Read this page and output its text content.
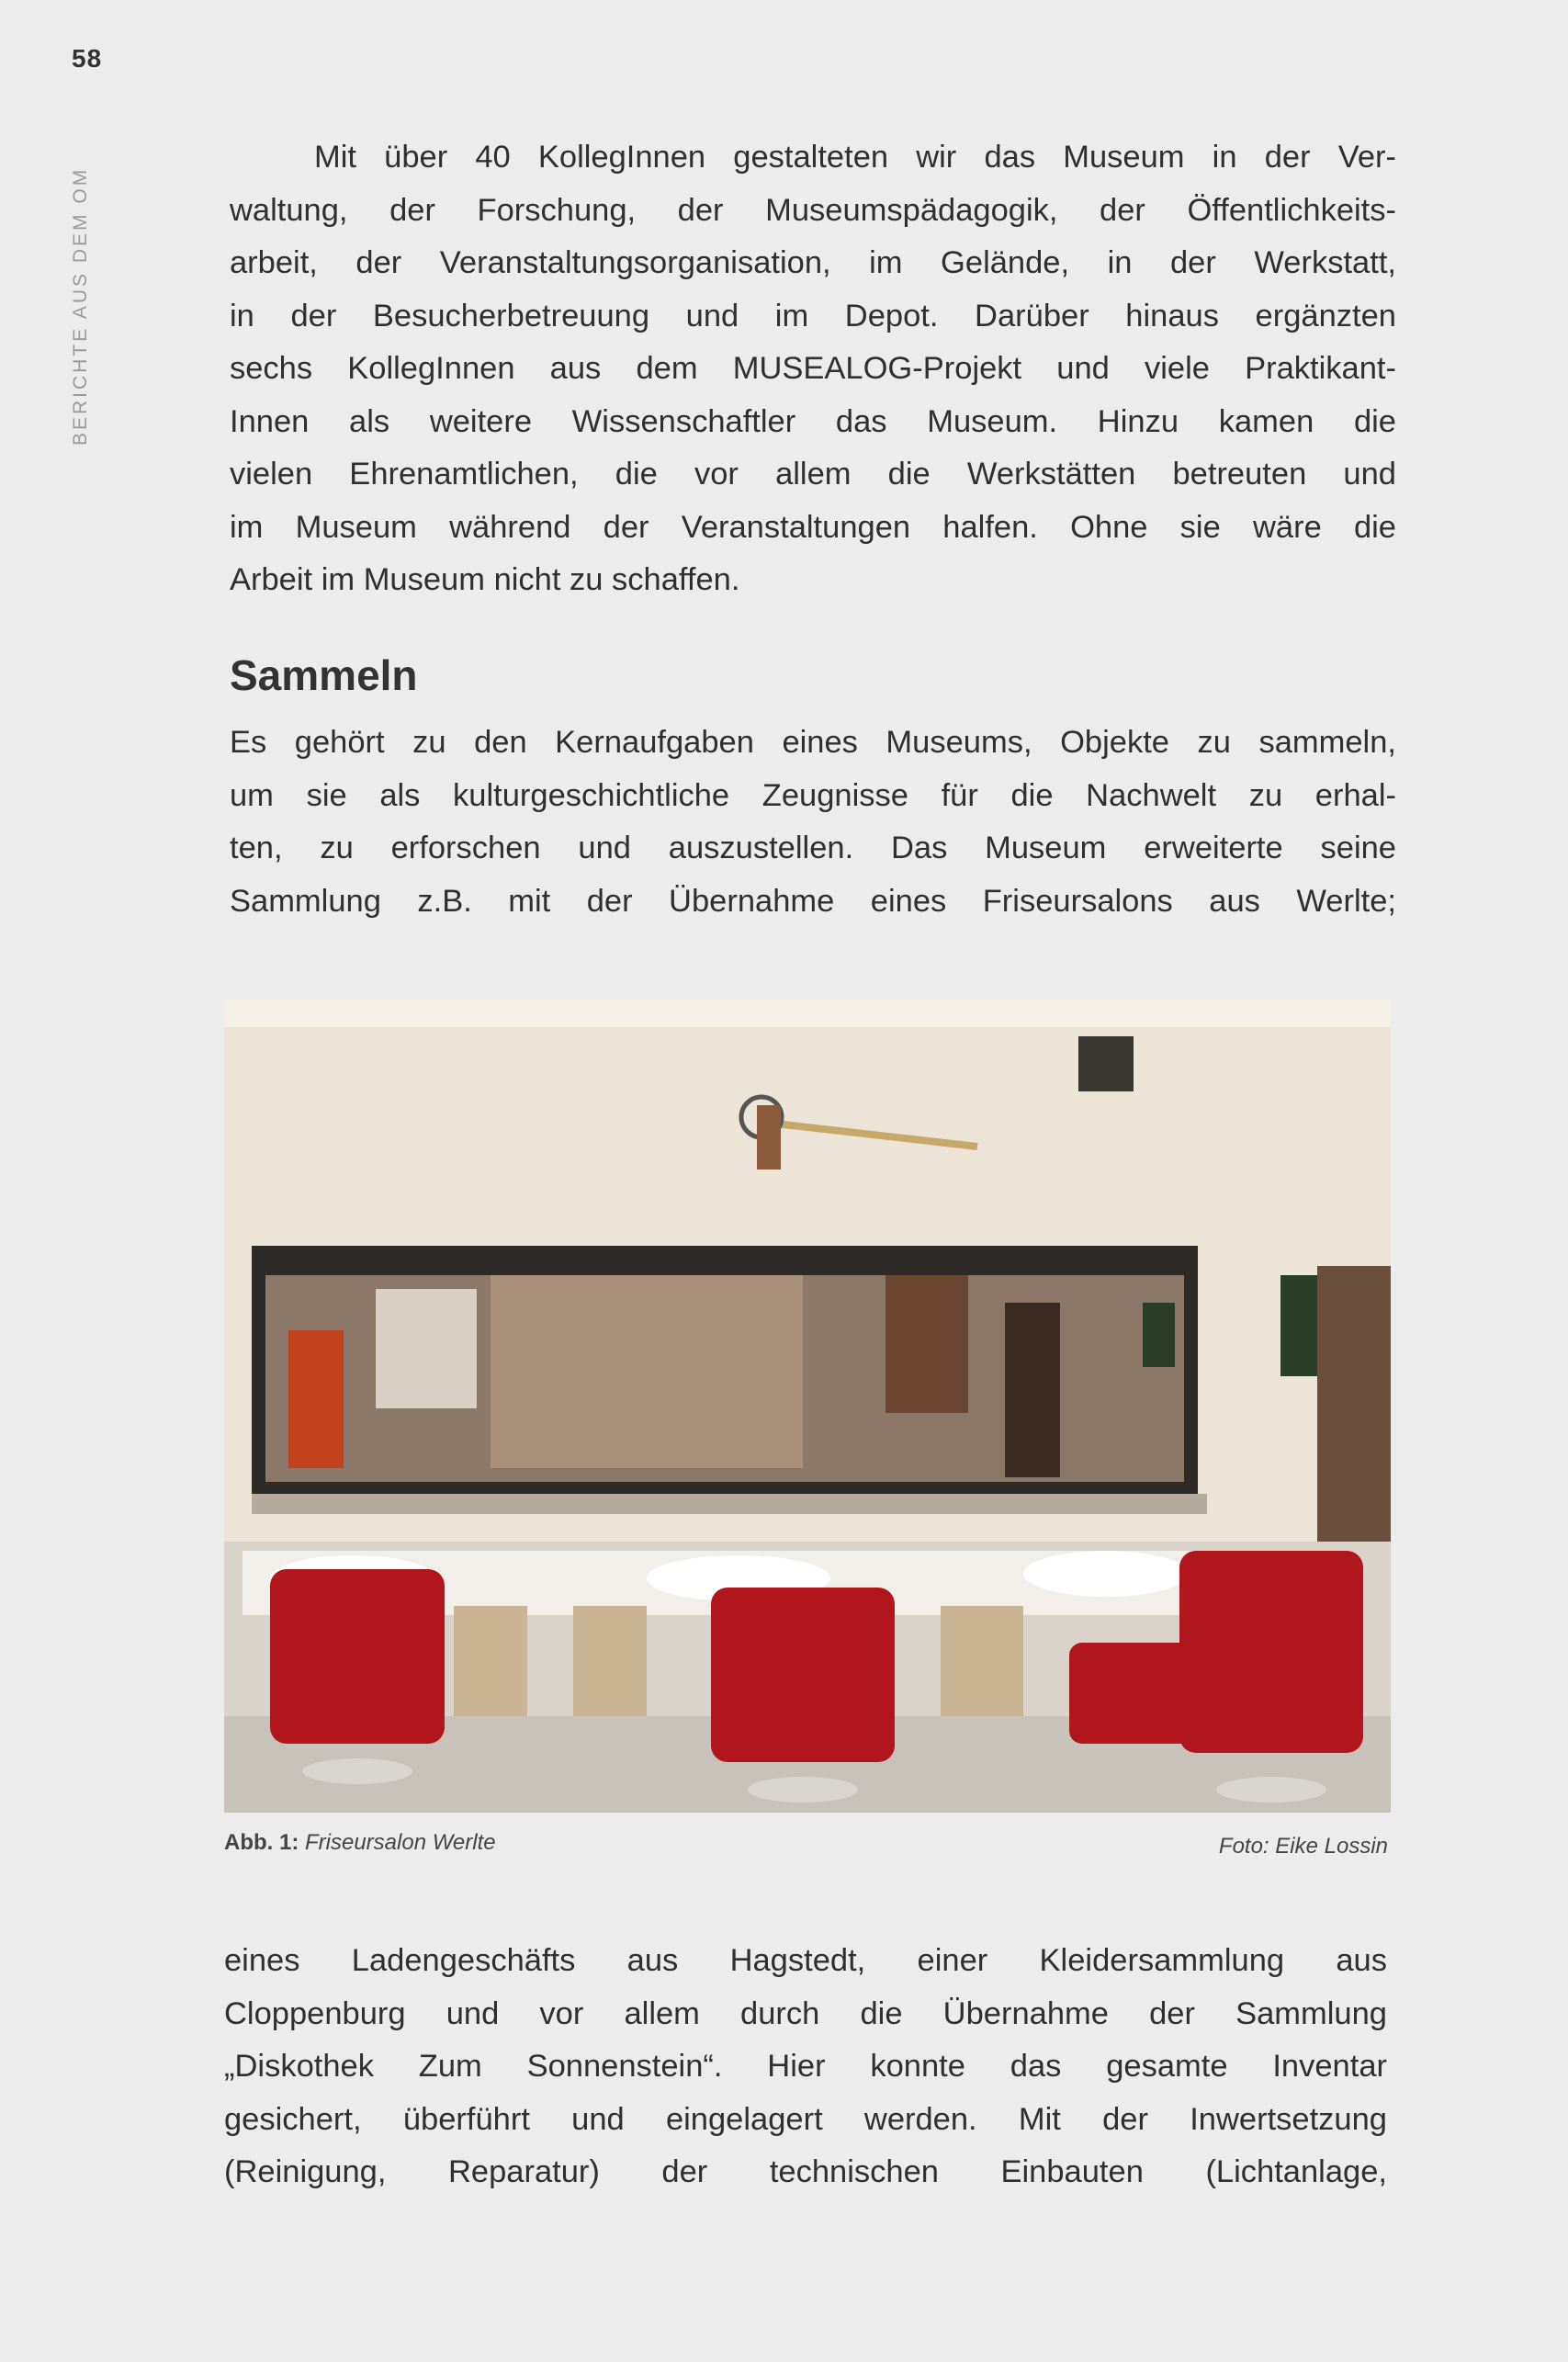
58
BERICHTE AUS DEM OM

Mit über 40 KollegInnen gestalteten wir das Museum in der Ver-
waltung, der Forschung, der Museumspädagogik, der Öffentlichkeits-
arbeit, der Veranstaltungsorganisation, im Gelände, in der Werkstatt,
in der Besucherbetreuung und im Depot. Darüber hinaus ergänzten
sechs KollegInnen aus dem MUSEALOG-Projekt und viele Praktikant-
Innen als weitere Wissenschaftler das Museum. Hinzu kamen die
vielen Ehrenamtlichen, die vor allem die Werkstätten betreuten und
im Museum während der Veranstaltungen halfen. Ohne sie wäre die
Arbeit im Museum nicht zu schaffen.

Sammeln

Es gehört zu den Kernaufgaben eines Museums, Objekte zu sammeln,
um sie als kulturgeschichtliche Zeugnisse für die Nachwelt zu erhal-
ten, zu erforschen und auszustellen. Das Museum erweiterte seine
Sammlung z.B. mit der Übernahme eines Friseursalons aus Werlte;

Abb. 1: Friseursalon Werlte	Foto: Eike Lossin

eines Ladengeschäfts aus Hagstedt, einer Kleidersammlung aus
Cloppenburg und vor allem durch die Übernahme der Sammlung
„Diskothek Zum Sonnenstein“. Hier konnte das gesamte Inventar
gesichert, überführt und eingelagert werden. Mit der Inwertsetzung
(Reinigung, Reparatur) der technischen Einbauten (Lichtanlage,
